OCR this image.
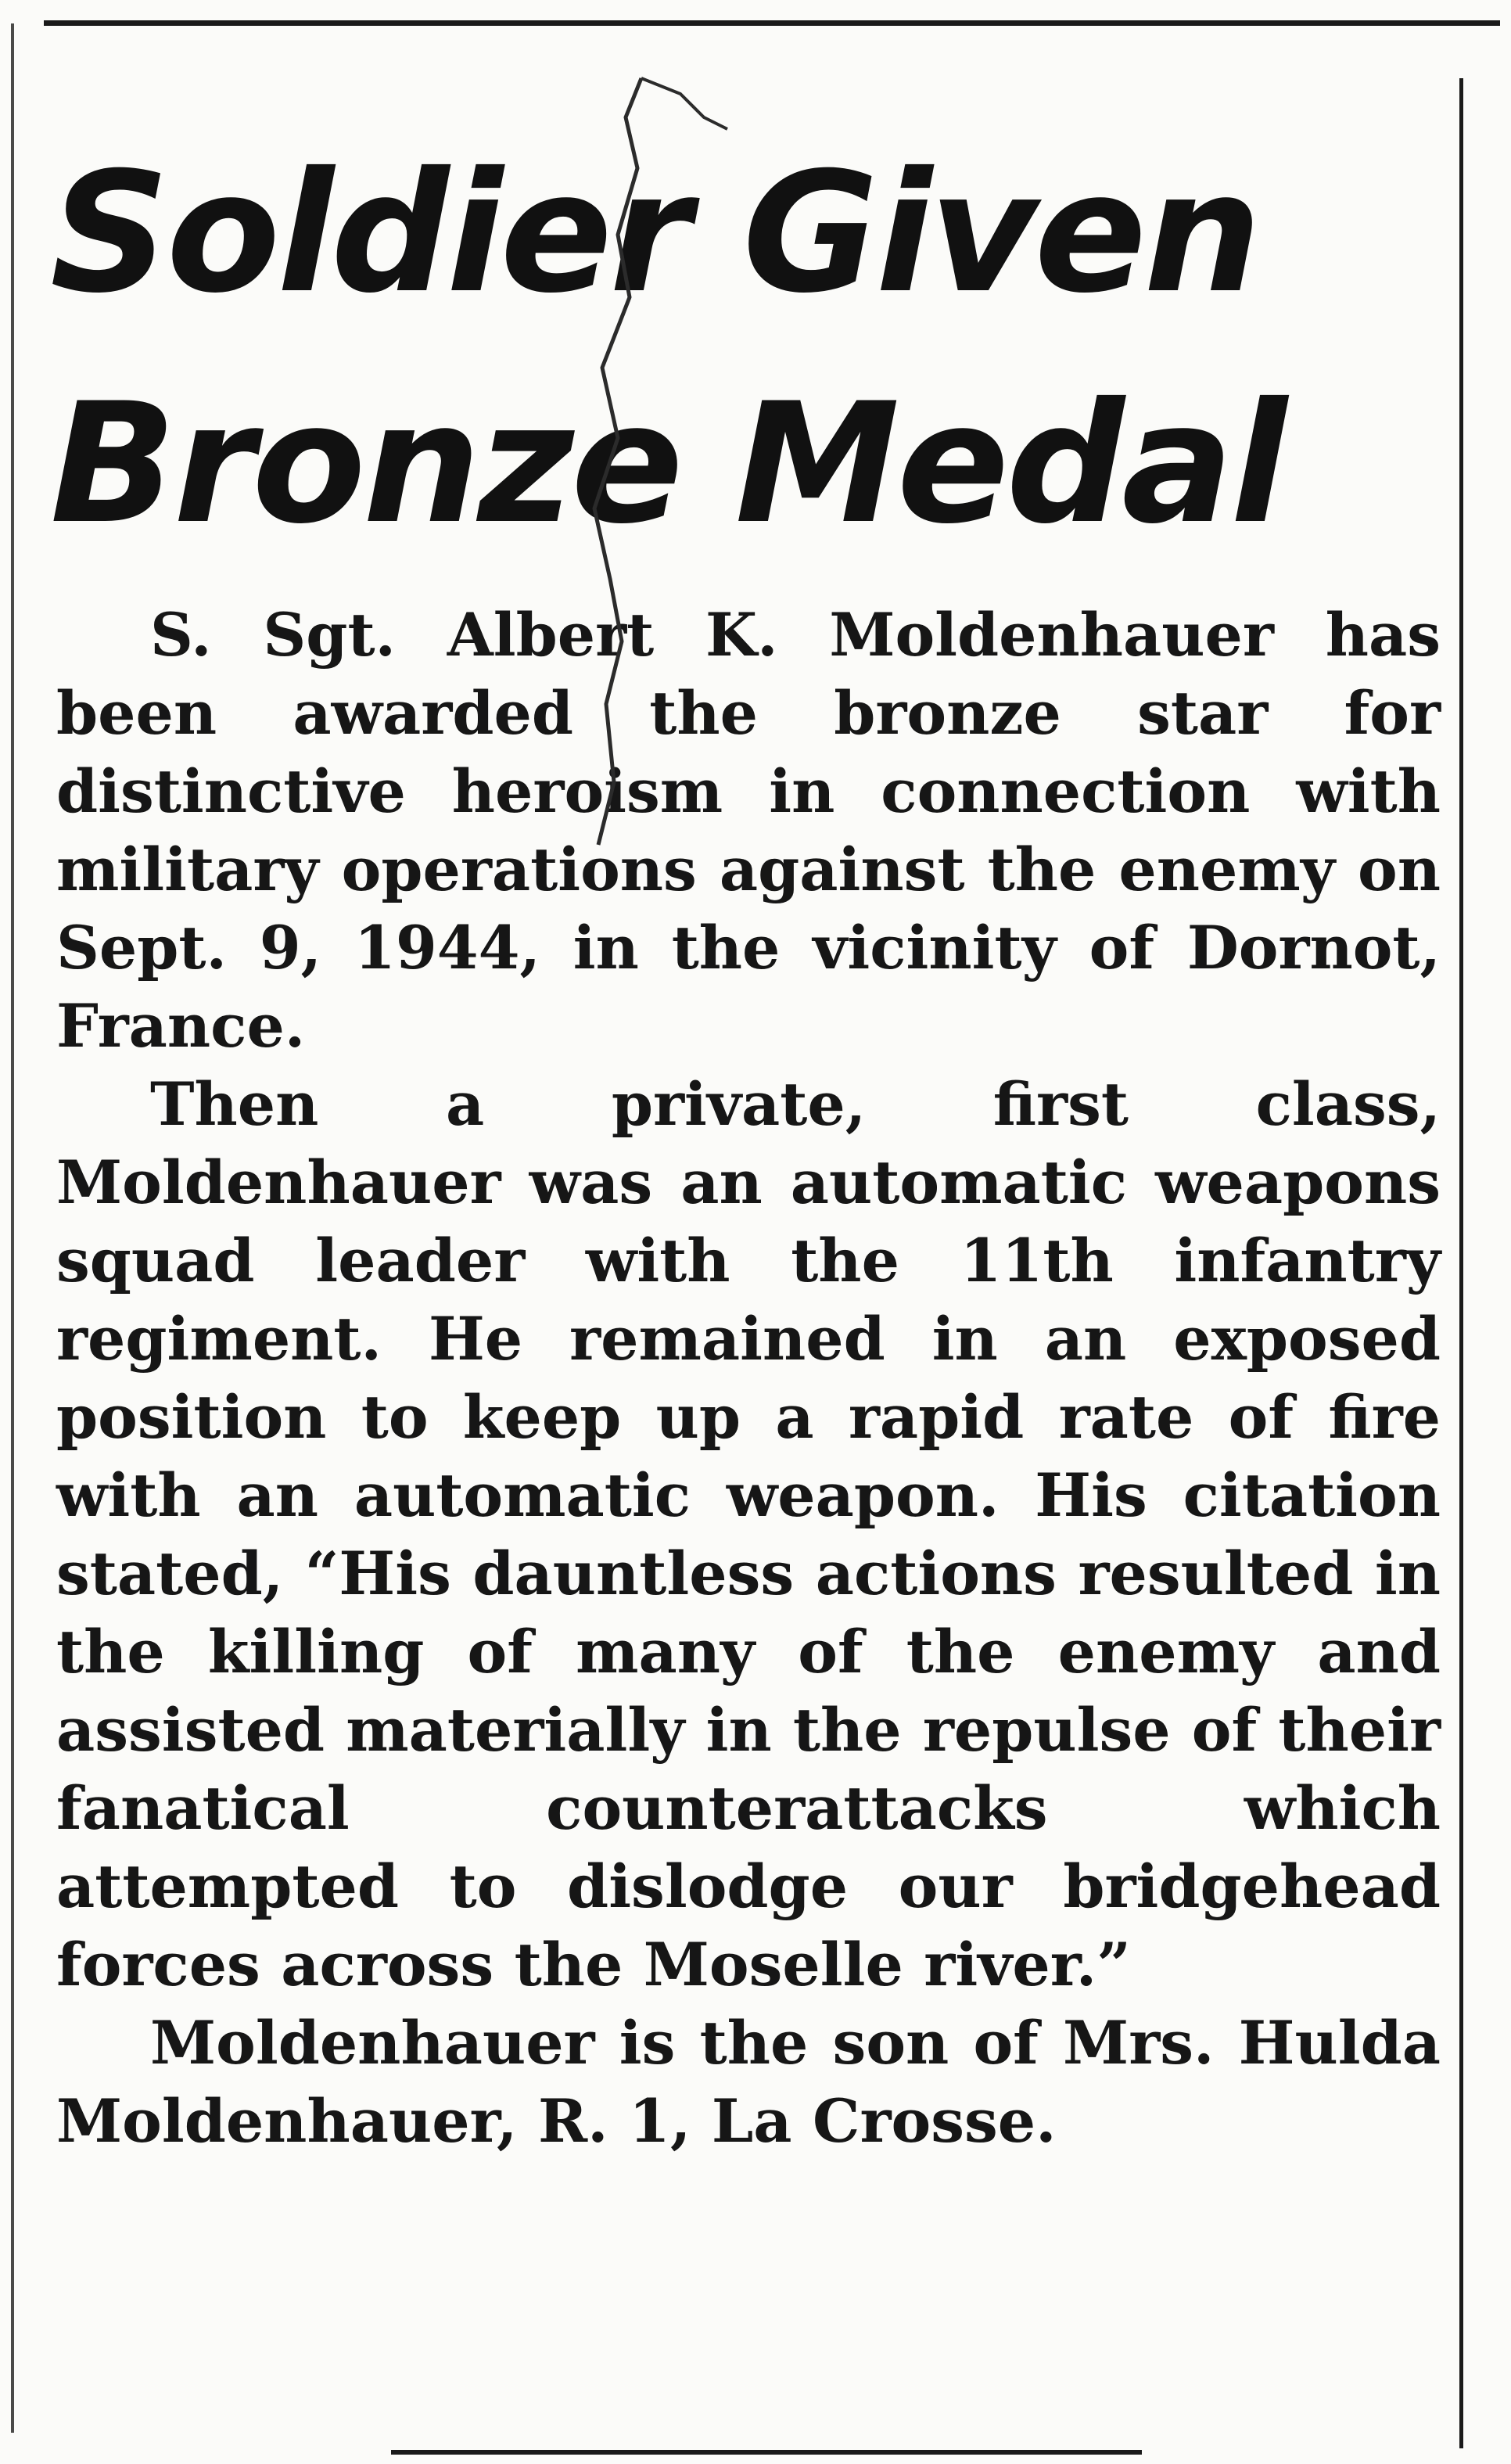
Soldier Given
Bronze Medal

S. Sgt. Albert K. Moldenhauer has been awarded the bronze star for distinctive heroism in connection with military operations against the enemy on Sept. 9, 1944, in the vicinity of Dornot, France.

Then a private, first class, Moldenhauer was an automatic weapons squad leader with the 11th infantry regiment. He remained in an exposed position to keep up a rapid rate of fire with an automatic weapon. His citation stated, “His dauntless actions resulted in the killing of many of the enemy and assisted materially in the repulse of their fanatical counterattacks which attempted to dislodge our bridgehead forces across the Moselle river.”

Moldenhauer is the son of Mrs. Hulda Moldenhauer, R. 1, La Crosse.
